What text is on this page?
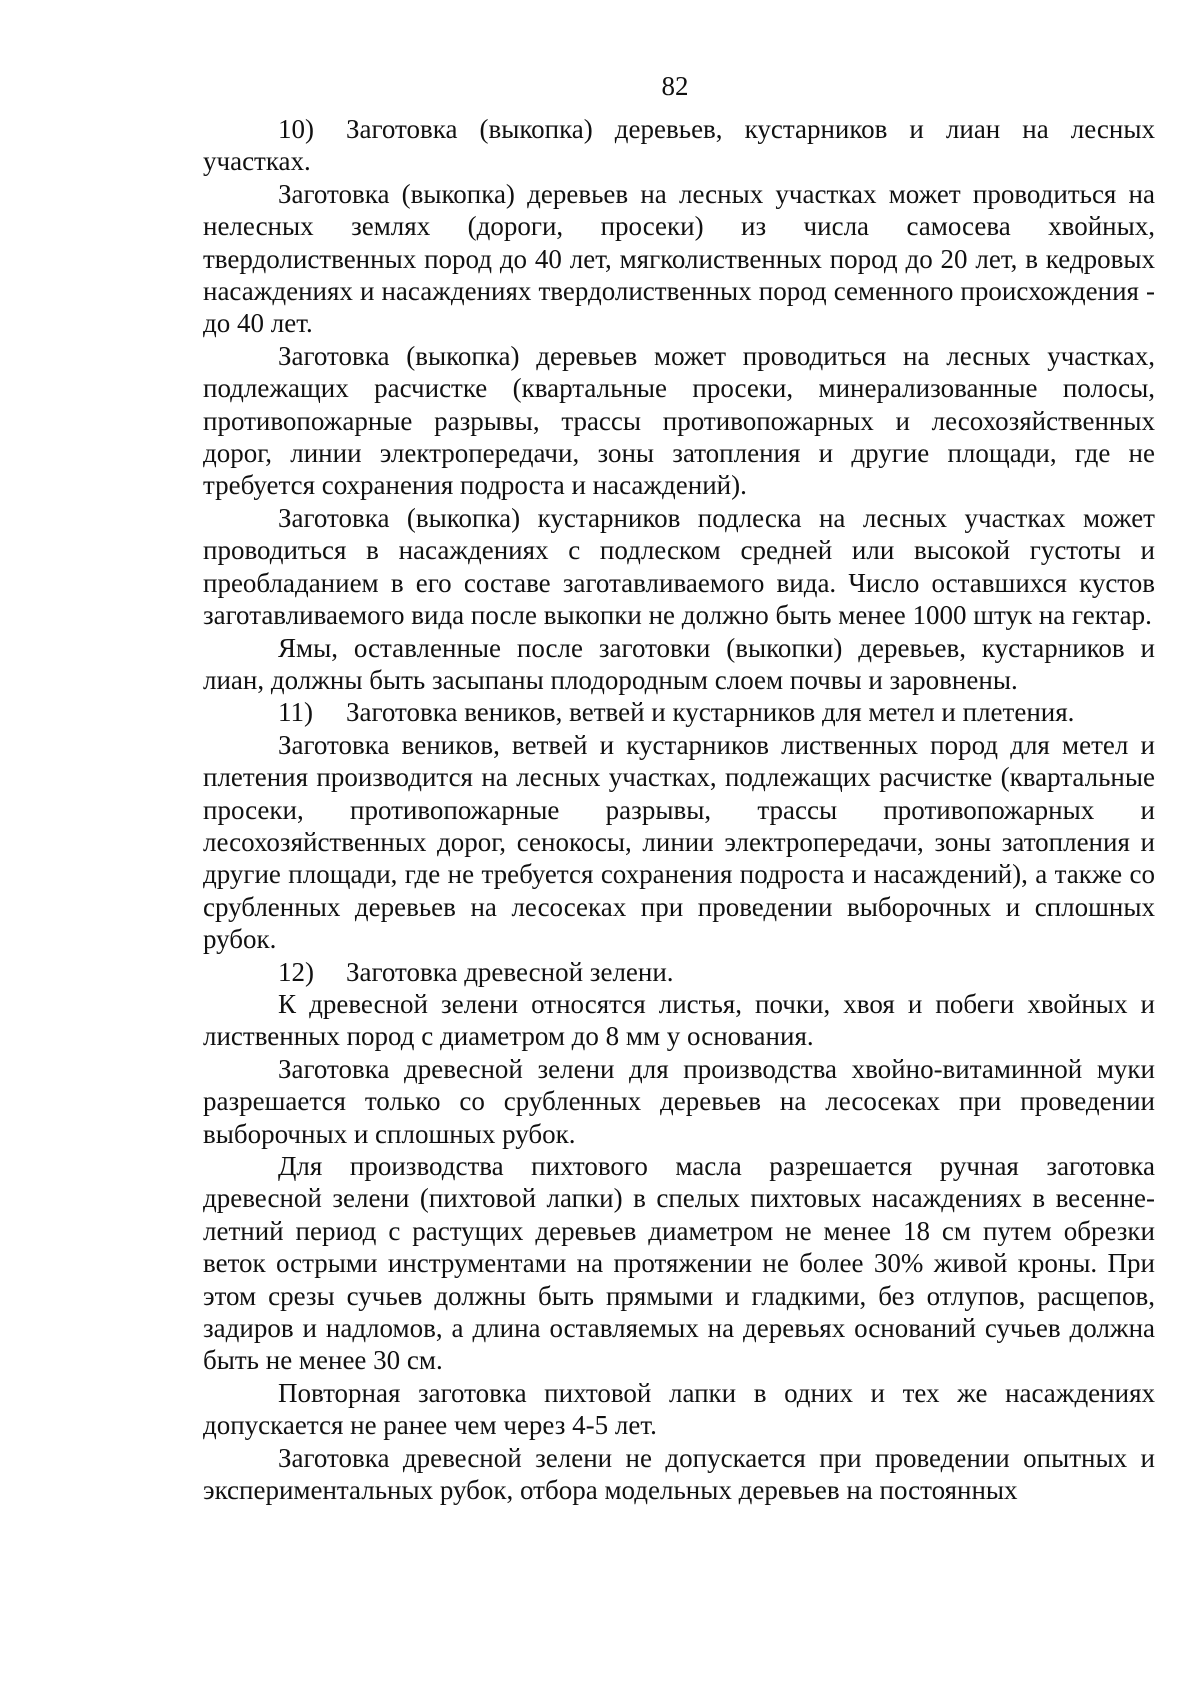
82

10) Заготовка (выкопка) деревьев, кустарников и лиан на лесных участках.

Заготовка (выкопка) деревьев на лесных участках может проводиться на нелесных землях (дороги, просеки) из числа самосева хвойных, твердолиственных пород до 40 лет, мягколиственных пород до 20 лет, в кедровых насаждениях и насаждениях твердолиственных пород семенного происхождения - до 40 лет.

Заготовка (выкопка) деревьев может проводиться на лесных участках, подлежащих расчистке (квартальные просеки, минерализованные полосы, противопожарные разрывы, трассы противопожарных и лесохозяйственных дорог, линии электропередачи, зоны затопления и другие площади, где не требуется сохранения подроста и насаждений).

Заготовка (выкопка) кустарников подлеска на лесных участках может проводиться в насаждениях с подлеском средней или высокой густоты и преобладанием в его составе заготавливаемого вида. Число оставшихся кустов заготавливаемого вида после выкопки не должно быть менее 1000 штук на гектар.

Ямы, оставленные после заготовки (выкопки) деревьев, кустарников и лиан, должны быть засыпаны плодородным слоем почвы и заровнены.

11) Заготовка веников, ветвей и кустарников для метел и плетения.

Заготовка веников, ветвей и кустарников лиственных пород для метел и плетения производится на лесных участках, подлежащих расчистке (квартальные просеки, противопожарные разрывы, трассы противопожарных и лесохозяйственных дорог, сенокосы, линии электропередачи, зоны затопления и другие площади, где не требуется сохранения подроста и насаждений), а также со срубленных деревьев на лесосеках при проведении выборочных и сплошных рубок.

12) Заготовка древесной зелени.

К древесной зелени относятся листья, почки, хвоя и побеги хвойных и лиственных пород с диаметром до 8 мм у основания.

Заготовка древесной зелени для производства хвойно-витаминной муки разрешается только со срубленных деревьев на лесосеках при проведении выборочных и сплошных рубок.

Для производства пихтового масла разрешается ручная заготовка древесной зелени (пихтовой лапки) в спелых пихтовых насаждениях в весенне-летний период с растущих деревьев диаметром не менее 18 см путем обрезки веток острыми инструментами на протяжении не более 30% живой кроны. При этом срезы сучьев должны быть прямыми и гладкими, без отлупов, расщепов, задиров и надломов, а длина оставляемых на деревьях оснований сучьев должна быть не менее 30 см.

Повторная заготовка пихтовой лапки в одних и тех же насаждениях допускается не ранее чем через 4-5 лет.

Заготовка древесной зелени не допускается при проведении опытных и экспериментальных рубок, отбора модельных деревьев на постоянных
